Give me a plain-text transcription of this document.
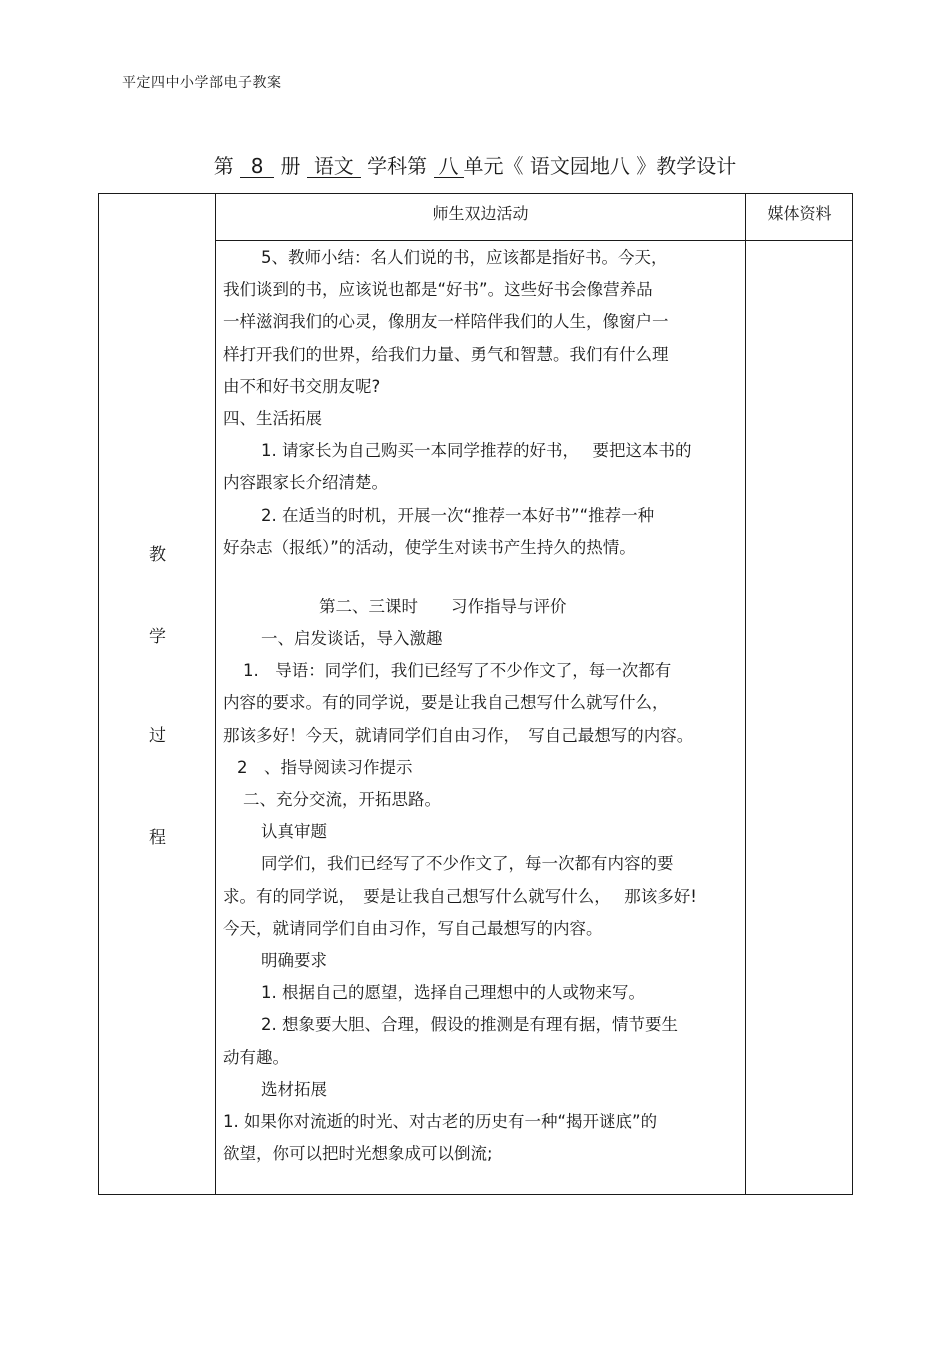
平定四中小学部电子教案
第 8 册 语文 学科第 八 单元《 语文园地八 》教学设计
师生双边活动	媒体资料
教
学
过
程
5、教师小结：名人们说的书，应该都是指好书。今天，
我们谈到的书，应该说也都是“好书”。这些好书会像营养品
一样滋润我们的心灵，像朋友一样陪伴我们的人生，像窗户一
样打开我们的世界，给我们力量、勇气和智慧。我们有什么理
由不和好书交朋友呢?
四、生活拓展
1. 请家长为自己购买一本同学推荐的好书，　 要把这本书的
内容跟家长介绍清楚。
2. 在适当的时机，开展一次“推荐一本好书”“推荐一种
好杂志（报纸）”的活动，使学生对读书产生持久的热情。
第二、三课时　　习作指导与评价
一、启发谈话，导入激趣
1.　导语：同学们，我们已经写了不少作文了，每一次都有
内容的要求。有的同学说，要是让我自己想写什么就写什么，
那该多好！今天，就请同学们自由习作，　写自己最想写的内容。
2　、指导阅读习作提示
二、充分交流，开拓思路。
认真审题
同学们，我们已经写了不少作文了，每一次都有内容的要
求。有的同学说，　要是让我自己想写什么就写什么，　 那该多好!
今天，就请同学们自由习作，写自己最想写的内容。
明确要求
1. 根据自己的愿望，选择自己理想中的人或物来写。
2. 想象要大胆、合理，假设的推测是有理有据，情节要生
动有趣。
选材拓展
1. 如果你对流逝的时光、对古老的历史有一种“揭开谜底”的
欲望，你可以把时光想象成可以倒流;
